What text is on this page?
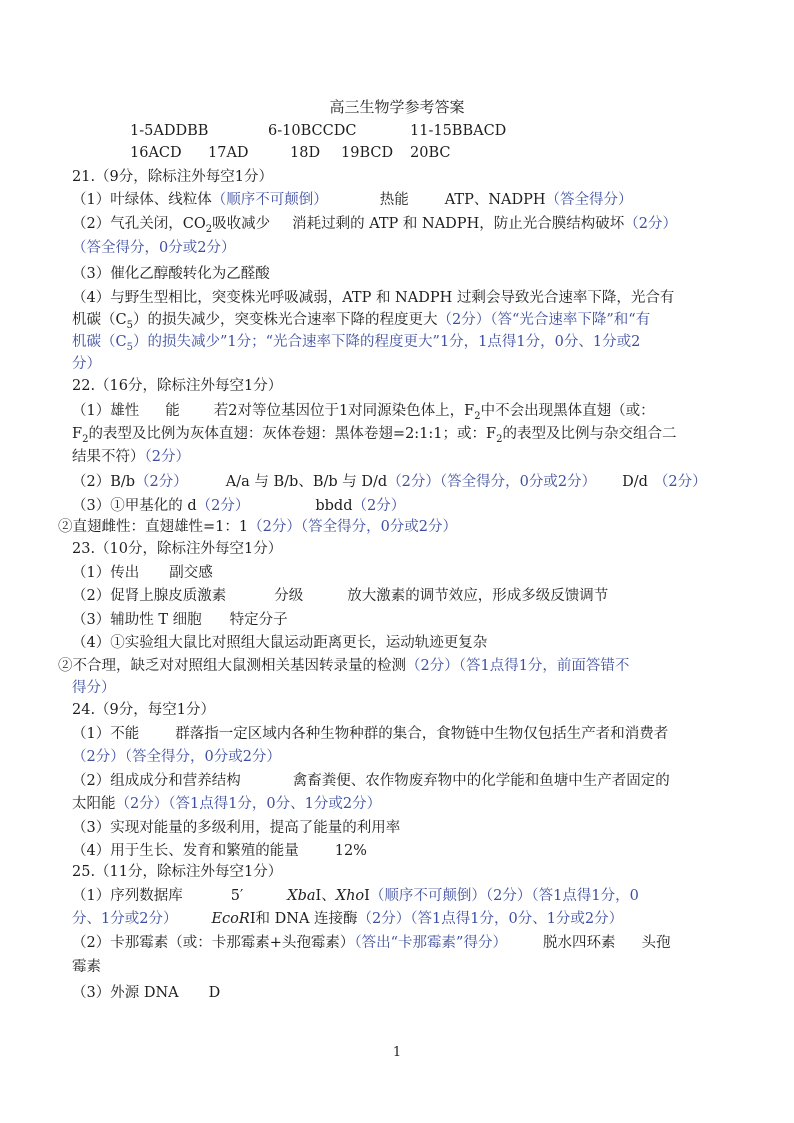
高三生物学参考答案
1-5ADDBB	6-10BCCDC	11-15BBACD
16ACD 17AD	18D 19BCD 20BC
21.（9分，除标注外每空1分）
（1）叶绿体、线粒体（顺序不可颠倒）	热能 ATP、NADPH（答全得分）
（2）气孔关闭，$CO_2$吸收减少 消耗过剩的 ATP 和 NADPH，防止光合膜结构破坏（2分）
（答全得分，0分或2分）
（3）催化乙醇酸转化为乙醛酸
（4）与野生型相比，突变株光呼吸减弱，ATP 和 NADPH 过剩会导致光合速率下降，光合有
机碳$(C_5)$的损失减少，突变株光合速率下降的程度更大（2分）（答“光合速率下降”和“有
机碳$(C_5)$的损失减少”1分；“光合速率下降的程度更大”1分，1点得1分，0分、1分或2
分）
22.（16分，除标注外每空1分）
（1）雄性 能 若2对等位基因位于1对同源染色体上，$F_2$中不会出现黑体直翅（或：
$F_2$的表型及比例为灰体直翅：灰体卷翅：黑体卷翅=2:1:1；或：$F_2$的表型及比例与杂交组合二
结果不符）（2分）
（2）B/b（2分）	A/a 与 B/b、B/b 与 D/d（2分）（答全得分，0分或2分） D/d （2分）
（3）①甲基化的 d（2分）	bbdd（2分）
②直翅雌性：直翅雄性=1：1（2分）（答全得分，0分或2分）
23.（10分，除标注外每空1分）
（1）传出 副交感
（2）促肾上腺皮质激素	分级	放大激素的调节效应，形成多级反馈调节
（3）辅助性 T 细胞 特定分子
（4）①实验组大鼠比对照组大鼠运动距离更长，运动轨迹更复杂
②不合理，缺乏对对照组大鼠测相关基因转录量的检测（2分）（答1点得1分，前面答错不
得分）
24.（9分，每空1分）
（1）不能 群落指一定区域内各种生物种群的集合，食物链中生物仅包括生产者和消费者
（2分）（答全得分，0分或2分）
（2）组成成分和营养结构	禽畜粪便、农作物废弃物中的化学能和鱼塘中生产者固定的
太阳能（2分）（答1点得1分，0分、1分或2分）
（3）实现对能量的多级利用，提高了能量的利用率
（4）用于生长、发育和繁殖的能量 12%
25.（11分，除标注外每空1分）
（1）序列数据库	5′	XbaⅠ、XhoⅠ（顺序不可颠倒）（2分）（答1点得1分，0
分、1分或2分） EcoRⅠ和 DNA 连接酶（2分）（答1点得1分，0分、1分或2分）
（2）卡那霉素（或：卡那霉素+头孢霉素）（答出“卡那霉素”得分） 脱水四环素 头孢
霉素
（3）外源 DNA D
1
